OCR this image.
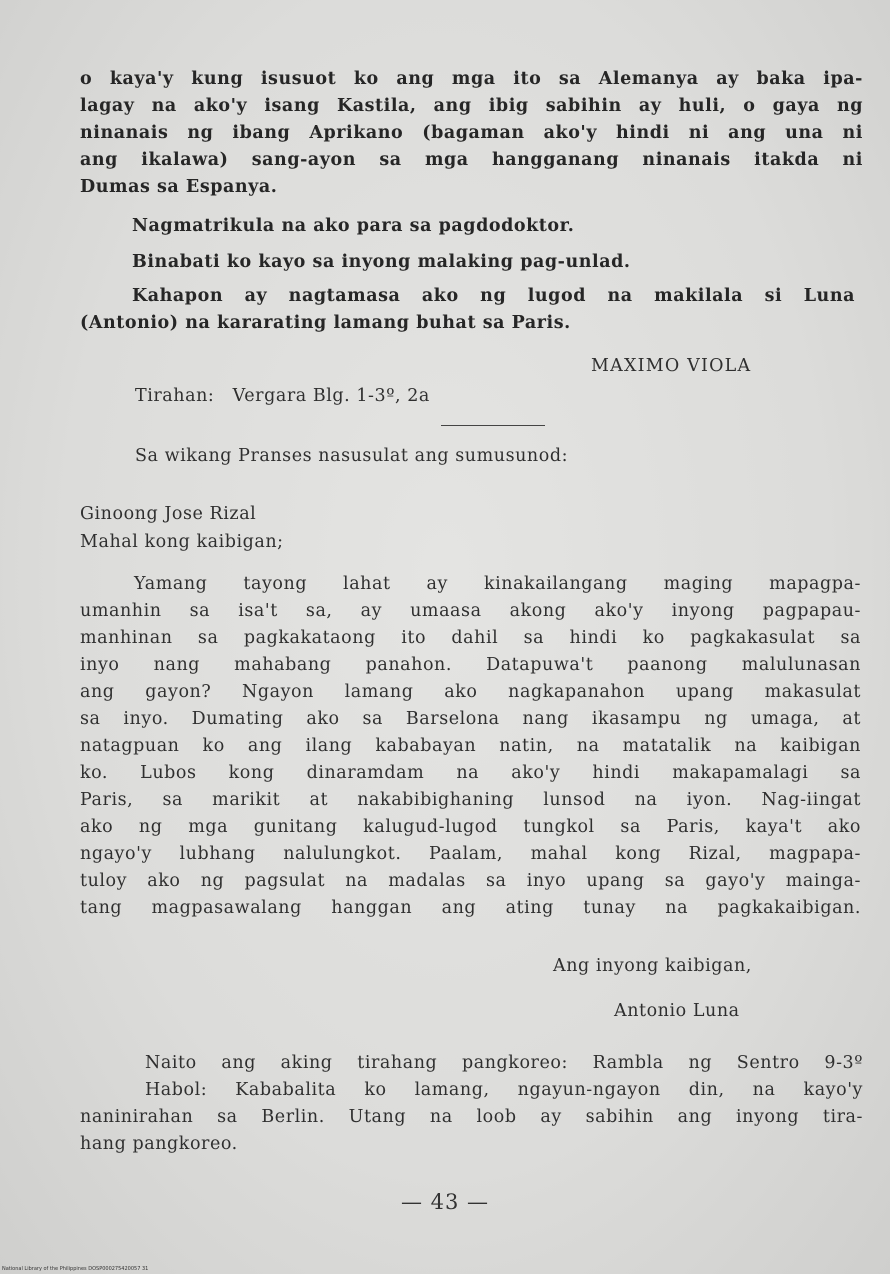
o kaya'y kung isusuot ko ang mga ito sa Alemanya ay baka ipa-

lagay na ako'y isang Kastila, ang ibig sabihin ay huli, o gaya ng

ninanais ng ibang Aprikano (bagaman ako'y hindi ni ang una ni

ang ikalawa) sang-ayon sa mga hangganang ninanais itakda ni

Dumas sa Espanya.

Nagmatrikula na ako para sa pagdodoktor.

Binabati ko kayo sa inyong malaking pag-unlad.

Kahapon ay nagtamasa ako ng lugod na makilala si Luna

(Antonio) na kararating lamang buhat sa Paris.

MAXIMO VIOLA

Tirahan:   Vergara Blg. 1-3º, 2a

Sa wikang Pranses nasusulat ang sumusunod:

Ginoong Jose Rizal

Mahal kong kaibigan;

Yamang tayong lahat ay kinakailangang maging mapagpa-

umanhin sa isa't sa, ay umaasa akong ako'y inyong pagpapau-

manhinan sa pagkakataong ito dahil sa hindi ko pagkakasulat sa

inyo nang mahabang panahon. Datapuwa't paanong malulunasan

ang gayon? Ngayon lamang ako nagkapanahon upang makasulat

sa inyo. Dumating ako sa Barselona nang ikasampu ng umaga, at

natagpuan ko ang ilang kababayan natin, na matatalik na kaibigan

ko. Lubos kong dinaramdam na ako'y hindi makapamalagi sa

Paris, sa marikit at nakabibighaning lunsod na iyon. Nag-iingat

ako ng mga gunitang kalugud-lugod tungkol sa Paris, kaya't ako

ngayo'y lubhang nalulungkot. Paalam, mahal kong Rizal, magpapa-

tuloy ako ng pagsulat na madalas sa inyo upang sa gayo'y mainga-

tang magpasawalang hanggan ang ating tunay na pagkakaibigan.

Ang inyong kaibigan,

Antonio Luna

Naito ang aking tirahang pangkoreo: Rambla ng Sentro 9-3º

Habol: Kababalita ko lamang, ngayun-ngayon din, na kayo'y

naninirahan sa Berlin. Utang na loob ay sabihin ang inyong tira-

hang pangkoreo.

— 43 —
National Library of the Philippines DOSP000275420057 31
